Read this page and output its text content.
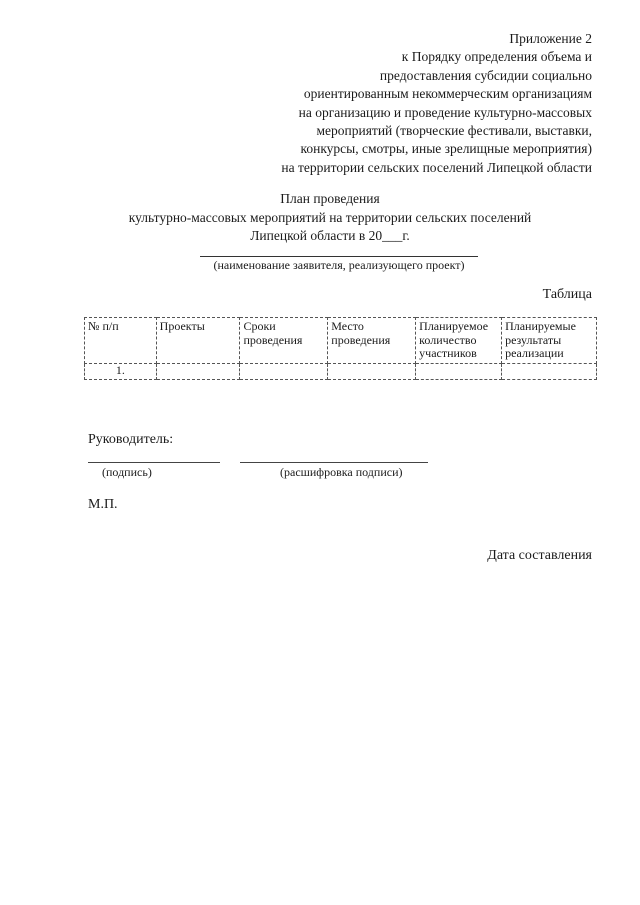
Приложение 2
к Порядку определения объема и
предоставления субсидии социально
ориентированным некоммерческим организациям
на организацию и проведение культурно-массовых
мероприятий (творческие фестивали, выставки,
конкурсы, смотры, иные зрелищные мероприятия)
на территории сельских поселений Липецкой области
План проведения
культурно-массовых мероприятий на территории сельских поселений
Липецкой области в 20___г.
(наименование заявителя, реализующего проект)
Таблица
№ п/п	Проекты	Сроки проведения	Место проведения	Планируемое количество участников	Планируемые результаты реализации
1.					
Руководитель:
(подпись)	(расшифровка подписи)
М.П.
Дата составления
